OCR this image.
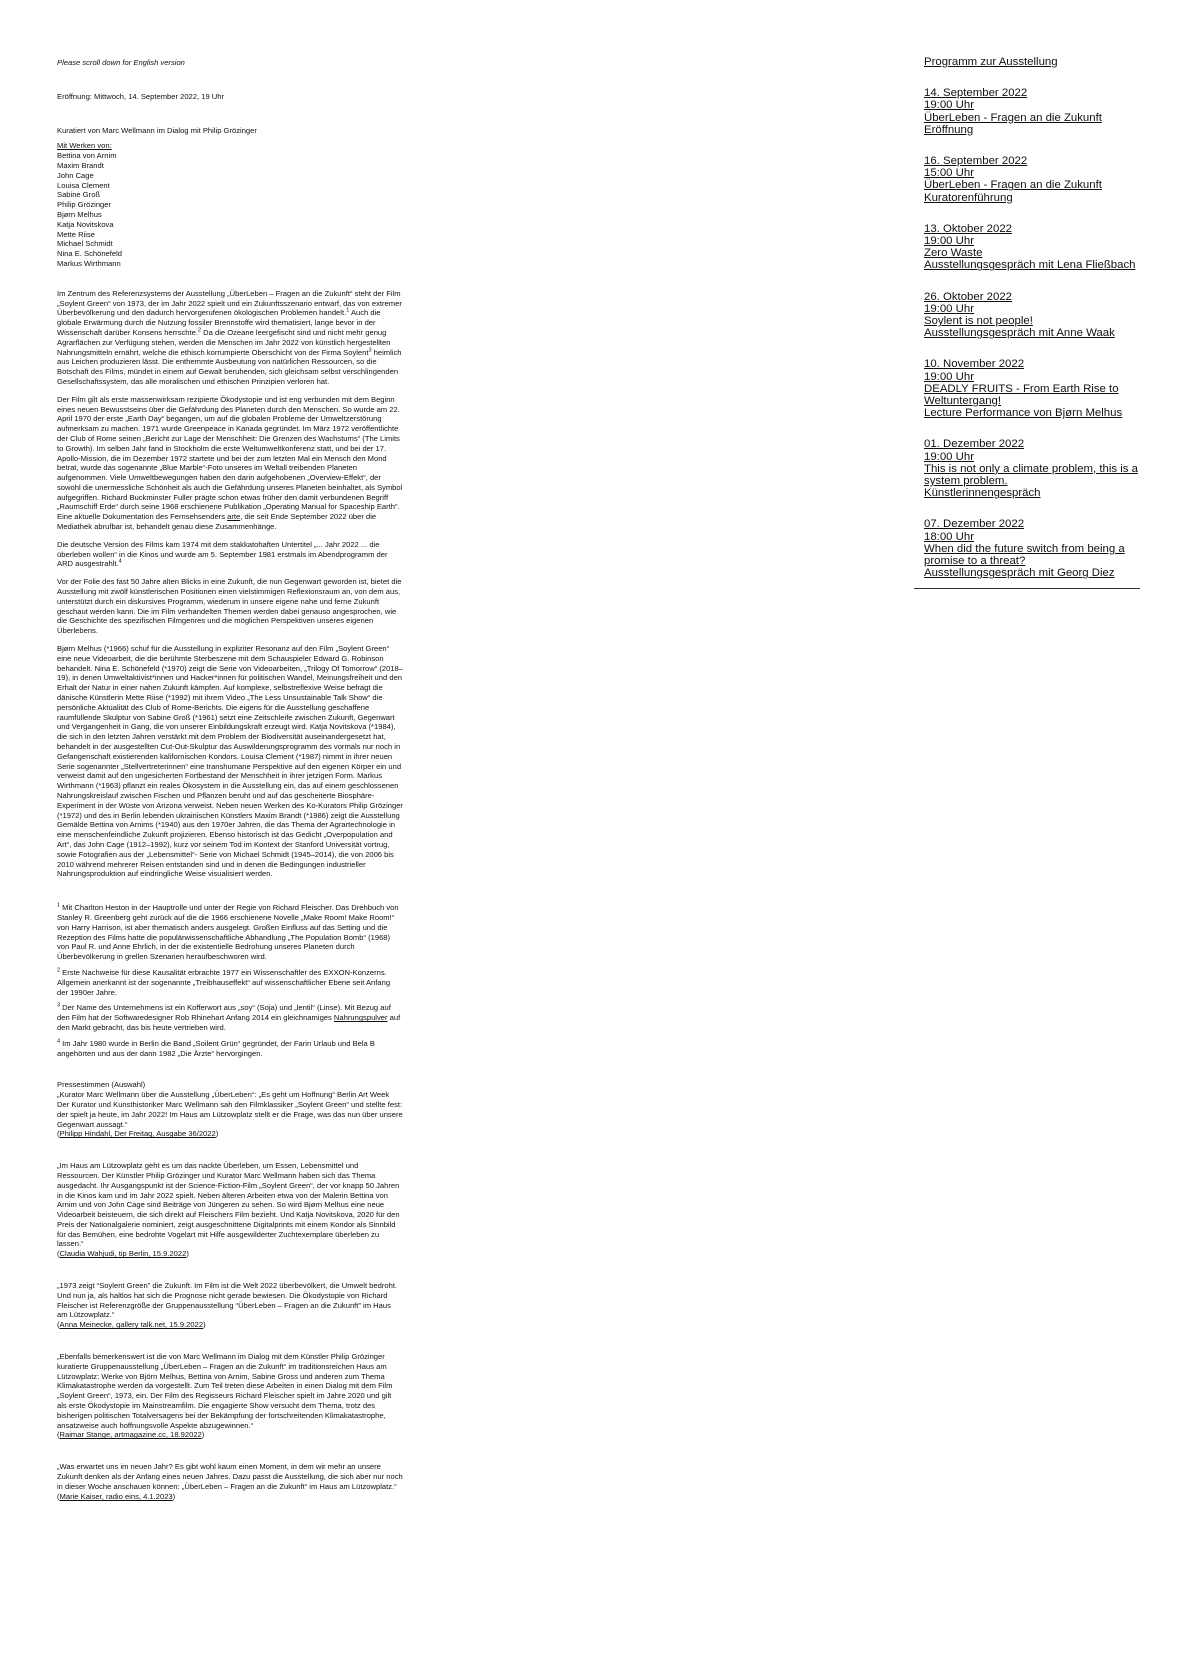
Please scroll down for English version

Eröffnung: Mittwoch, 14. September 2022, 19 Uhr

Kuratiert von Marc Wellmann im Dialog mit Philip Grözinger

Mit Werken von:

Bettina von Arnim
Maxim Brandt
John Cage
Louisa Clement
Sabine Groß
Philip Grözinger
Bjørn Melhus
Katja Novitskova
Mette Riise
Michael Schmidt
Nina E. Schönefeld
Markus Wirthmann

Im Zentrum des Referenzsystems der Ausstellung „ÜberLeben – Fragen an die Zukunft“ steht der Film „Soylent Green“ von 1973, der im Jahr 2022 spielt und ein Zukunftsszenario entwarf, das von extremer Überbevölkerung und den dadurch hervorgerufenen ökologischen Problemen handelt.$^1$ Auch die globale Erwärmung durch die Nutzung fossiler Brennstoffe wird thematisiert, lange bevor in der Wissenschaft darüber Konsens herrschte.$^2$ Da die Ozeane leergefischt sind und nicht mehr genug Agrarflächen zur Verfügung stehen, werden die Menschen im Jahr 2022 von künstlich hergestellten Nahrungsmitteln ernährt, welche die ethisch korrumpierte Oberschicht von der Firma Soylent$^3$ heimlich aus Leichen produzieren lässt. Die enthemmte Ausbeutung von natürlichen Ressourcen, so die Botschaft des Films, mündet in einem auf Gewalt beruhenden, sich gleichsam selbst verschlingenden Gesellschaftssystem, das alle moralischen und ethischen Prinzipien verloren hat.

Der Film gilt als erste massenwirksam rezipierte Ökodystopie und ist eng verbunden mit dem Beginn eines neuen Bewusstseins über die Gefährdung des Planeten durch den Menschen. So wurde am 22. April 1970 der erste „Earth Day“ begangen, um auf die globalen Probleme der Umweltzerstörung aufmerksam zu machen. 1971 wurde Greenpeace in Kanada gegründet. Im März 1972 veröffentlichte der Club of Rome seinen „Bericht zur Lage der Menschheit: Die Grenzen des Wachstums“ (The Limits to Growth). Im selben Jahr fand in Stockholm die erste Weltumweltkonferenz statt, und bei der 17. Apollo-Mission, die im Dezember 1972 startete und bei der zum letzten Mal ein Mensch den Mond betrat, wurde das sogenannte „Blue Marble“-Foto unseres im Weltall treibenden Planeten aufgenommen. Viele Umweltbewegungen haben den darin aufgehobenen „Overview-Effekt“, der sowohl die unermessliche Schönheit als auch die Gefährdung unseres Planeten beinhaltet, als Symbol aufgegriffen. Richard Buckminster Fuller prägte schon etwas früher den damit verbundenen Begriff „Raumschiff Erde“ durch seine 1968 erschienene Publikation „Operating Manual for Spaceship Earth“. Eine aktuelle Dokumentation des Fernsehsenders arte, die seit Ende September 2022 über die Mediathek abrufbar ist, behandelt genau diese Zusammenhänge.

Die deutsche Version des Films kam 1974 mit dem stakkatohaften Untertitel „... Jahr 2022 ... die überleben wollen“ in die Kinos und wurde am 5. September 1981 erstmals im Abendprogramm der ARD ausgestrahlt.$^4$

Vor der Folie des fast 50 Jahre alten Blicks in eine Zukunft, die nun Gegenwart geworden ist, bietet die Ausstellung mit zwölf künstlerischen Positionen einen vielstimmigen Reflexionsraum an, von dem aus, unterstützt durch ein diskursives Programm, wiederum in unsere eigene nahe und ferne Zukunft geschaut werden kann. Die im Film verhandelten Themen werden dabei genauso angesprochen, wie die Geschichte des spezifischen Filmgenres und die möglichen Perspektiven unseres eigenen Überlebens.

Bjørn Melhus (*1966) schuf für die Ausstellung in expliziter Resonanz auf den Film „Soylent Green“ eine neue Videoarbeit, die die berühmte Sterbeszene mit dem Schauspieler Edward G. Robinson behandelt. Nina E. Schönefeld (*1970) zeigt die Serie von Videoarbeiten, „Trilogy Of Tomorrow“ (2018–19), in denen Umweltaktivist*innen und Hacker*innen für politischen Wandel, Meinungsfreiheit und den Erhalt der Natur in einer nahen Zukunft kämpfen. Auf komplexe, selbstreflexive Weise befragt die dänische Künstlerin Mette Riise (*1992) mit ihrem Video „The Less Unsustainable Talk Show“ die persönliche Aktualität des Club of Rome-Berichts. Die eigens für die Ausstellung geschaffene raumfüllende Skulptur von Sabine Groß (*1961) setzt eine Zeitschleife zwischen Zukunft, Gegenwart und Vergangenheit in Gang, die von unserer Einbildungskraft erzeugt wird. Katja Novitskova (*1984), die sich in den letzten Jahren verstärkt mit dem Problem der Biodiversität auseinandergesetzt hat, behandelt in der ausgestellten Cut-Out-Skulptur das Auswilderungsprogramm des vormals nur noch in Gefangenschaft existierenden kalifornischen Kondors. Louisa Clement (*1987) nimmt in ihrer neuen Serie sogenannter „Stellvertreterinnen“ eine transhumane Perspektive auf den eigenen Körper ein und verweist damit auf den ungesicherten Fortbestand der Menschheit in ihrer jetzigen Form. Markus Wirthmann (*1963) pflanzt ein reales Ökosystem in die Ausstellung ein, das auf einem geschlossenen Nahrungskreislauf zwischen Fischen und Pflanzen beruht und auf das gescheiterte Biosphäre-Experiment in der Wüste von Arizona verweist. Neben neuen Werken des Ko-Kurators Philip Grözinger (*1972) und des in Berlin lebenden ukrainischen Künstlers Maxim Brandt (*1986) zeigt die Ausstellung Gemälde Bettina von Arnims (*1940) aus den 1970er Jahren, die das Thema der Agrartechnologie in eine menschenfeindliche Zukunft projizieren. Ebenso historisch ist das Gedicht „Overpopulation and Art“, das John Cage (1912–1992), kurz vor seinem Tod im Kontext der Stanford Universität vortrug, sowie Fotografien aus der „Lebensmittel“- Serie von Michael Schmidt (1945–2014), die von 2006 bis 2010 während mehrerer Reisen entstanden sind und in denen die Bedingungen industrieller Nahrungsproduktion auf eindringliche Weise visualisiert werden.

$^1$ Mit Charlton Heston in der Hauptrolle und unter der Regie von Richard Fleischer. Das Drehbuch von Stanley R. Greenberg geht zurück auf die die 1966 erschienene Novelle „Make Room! Make Room!“ von Harry Harrison, ist aber thematisch anders ausgelegt. Großen Einfluss auf das Setting und die Rezeption des Films hatte die populärwissenschaftliche Abhandlung „The Population Bomb“ (1968) von Paul R. und Anne Ehrlich, in der die existentielle Bedrohung unseres Planeten durch Überbevölkerung in grellen Szenarien heraufbeschworen wird.

$^2$ Erste Nachweise für diese Kausalität erbrachte 1977 ein Wissenschaftler des EXXON-Konzerns. Allgemein anerkannt ist der sogenannte „Treibhauseffekt“ auf wissenschaftlicher Ebene seit Anfang der 1990er Jahre.

$^3$ Der Name des Unternehmens ist ein Kofferwort aus „soy“ (Soja) und „lentil“ (Linse). Mit Bezug auf den Film hat der Softwaredesigner Rob Rhinehart Anfang 2014 ein gleichnamiges Nahrungspulver auf den Markt gebracht, das bis heute vertrieben wird.

$^4$ Im Jahr 1980 wurde in Berlin die Band „Soilent Grün“ gegründet, der Farin Urlaub und Bela B angehörten und aus der dann 1982 „Die Ärzte“ hervorgingen.

Pressestimmen (Auswahl)
„Kurator Marc Wellmann über die Ausstellung „ÜberLeben“: „Es geht um Hoffnung“ Berlin Art Week Der Kurator und Kunsthistoriker Marc Wellmann sah den Filmklassiker „Soylent Green“ und stellte fest: der spielt ja heute, im Jahr 2022! Im Haus am Lützowplatz stellt er die Frage, was das nun über unsere Gegenwart aussagt.“
(Philipp Hindahl, Der Freitag, Ausgabe 36/2022)
„Im Haus am Lützowplatz geht es um das nackte Überleben, um Essen, Lebensmittel und Ressourcen. Der Künstler Philip Grözinger und Kurator Marc Wellmann haben sich das Thema ausgedacht. Ihr Ausgangspunkt ist der Science-Fiction-Film „Soylent Green“, der vor knapp 50 Jahren in die Kinos kam und im Jahr 2022 spielt. Neben älteren Arbeiten etwa von der Malerin Bettina von Arnim und von John Cage sind Beiträge von Jüngeren zu sehen. So wird Bjørn Melhus eine neue Videoarbeit beisteuern, die sich direkt auf Fleischers Film bezieht. Und Katja Novitskova, 2020 für den Preis der Nationalgalerie nominiert, zeigt ausgeschnittene Digitalprints mit einem Kondor als Sinnbild für das Bemühen, eine bedrohte Vogelart mit Hilfe ausgewilderter Zuchtexemplare überleben zu lassen.“
(Claudia Wahjudi, tip Berlin, 15.9.2022)
„1973 zeigt “Soylent Green” die Zukunft. Im Film ist die Welt 2022 überbevölkert, die Umwelt bedroht. Und nun ja, als haltlos hat sich die Prognose nicht gerade bewiesen. Die Ökodystopie von Richard Fleischer ist Referenzgröße der Gruppenausstellung “ÜberLeben – Fragen an die Zukunft” im Haus am Lützowplatz.“
(Anna Meinecke, gallery talk.net, 15.9.2022)
„Ebenfalls bemerkenswert ist die von Marc Wellmann im Dialog mit dem Künstler Philip Grözinger kuratierte Gruppenausstellung „ÜberLeben – Fragen an die Zukunft“ im traditionsreichen Haus am Lützowplatz: Werke von Björn Melhus, Bettina von Arnim, Sabine Gross und anderen zum Thema Klimakatastrophe werden da vorgestellt. Zum Teil treten diese Arbeiten in einen Dialog mit dem Film „Soylent Green“, 1973, ein. Der Film des Regisseurs Richard Fleischer spielt im Jahre 2020 und gilt als erste Ökodystopie im Mainstreamfilm. Die engagierte Show versucht dem Thema, trotz des bisherigen politischen Totalversagens bei der Bekämpfung der fortschreitenden Klimakatastrophe, ansatzweise auch hoffnungsvolle Aspekte abzugewinnen.“
(Raimar Stange, artmagazine.cc, 18.92022)
„Was erwartet uns im neuen Jahr? Es gibt wohl kaum einen Moment, in dem wir mehr an unsere Zukunft denken als der Anfang eines neuen Jahres. Dazu passt die Ausstellung, die sich aber nur noch in dieser Woche anschauen können: „ÜberLeben – Fragen an die Zukunft“ im Haus am Lützowplatz.“
(Marie Kaiser, radio eins, 4.1.2023)
Programm zur Ausstellung
14. September 2022
19:00 Uhr
ÜberLeben - Fragen an die Zukunft
Eröffnung
16. September 2022
15:00 Uhr
ÜberLeben - Fragen an die Zukunft
Kuratorenführung
13. Oktober 2022
19:00 Uhr
Zero Waste
Ausstellungsgespräch mit Lena Fließbach
26. Oktober 2022
19:00 Uhr
Soylent is not people!
Ausstellungsgespräch mit Anne Waak
10. November 2022
19:00 Uhr
DEADLY FRUITS - From Earth Rise to Weltuntergang!
Lecture Performance von Bjørn Melhus
01. Dezember 2022
19:00 Uhr
This is not only a climate problem, this is a system problem.
Künstlerinnengespräch
07. Dezember 2022
18:00 Uhr
When did the future switch from being a promise to a threat?
Ausstellungsgespräch mit Georg Diez
